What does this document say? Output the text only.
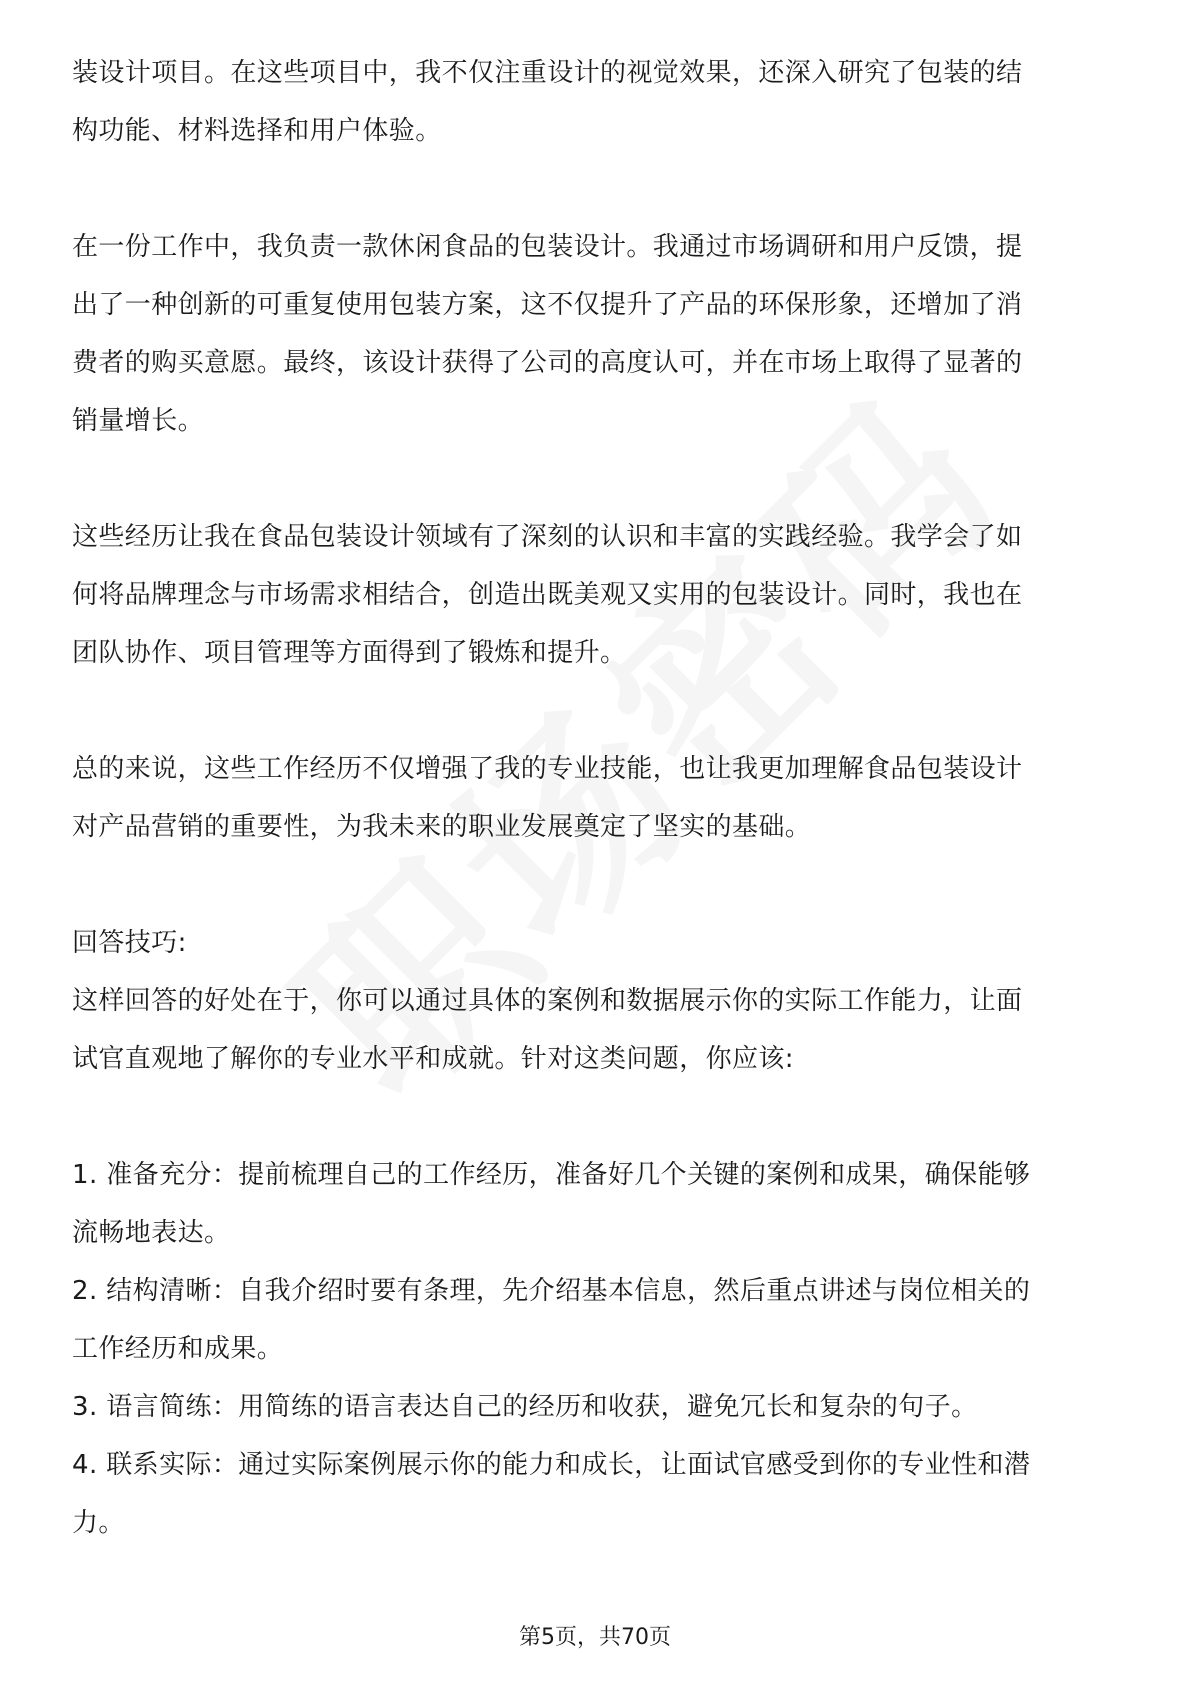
装设计项目。在这些项目中，我不仅注重设计的视觉效果，还深入研究了包装的结
构功能、材料选择和用户体验。
在一份工作中，我负责一款休闲食品的包装设计。我通过市场调研和用户反馈，提
出了一种创新的可重复使用包装方案，这不仅提升了产品的环保形象，还增加了消
费者的购买意愿。最终，该设计获得了公司的高度认可，并在市场上取得了显著的
销量增长。
这些经历让我在食品包装设计领域有了深刻的认识和丰富的实践经验。我学会了如
何将品牌理念与市场需求相结合，创造出既美观又实用的包装设计。同时，我也在
团队协作、项目管理等方面得到了锻炼和提升。
总的来说，这些工作经历不仅增强了我的专业技能，也让我更加理解食品包装设计
对产品营销的重要性，为我未来的职业发展奠定了坚实的基础。
回答技巧:
这样回答的好处在于，你可以通过具体的案例和数据展示你的实际工作能力，让面
试官直观地了解你的专业水平和成就。针对这类问题，你应该:
1. 准备充分：提前梳理自己的工作经历，准备好几个关键的案例和成果，确保能够
流畅地表达。
2. 结构清晰：自我介绍时要有条理，先介绍基本信息，然后重点讲述与岗位相关的
工作经历和成果。
3. 语言简练：用简练的语言表达自己的经历和收获，避免冗长和复杂的句子。
4. 联系实际：通过实际案例展示你的能力和成长，让面试官感受到你的专业性和潜
力。
第5页，共70页
